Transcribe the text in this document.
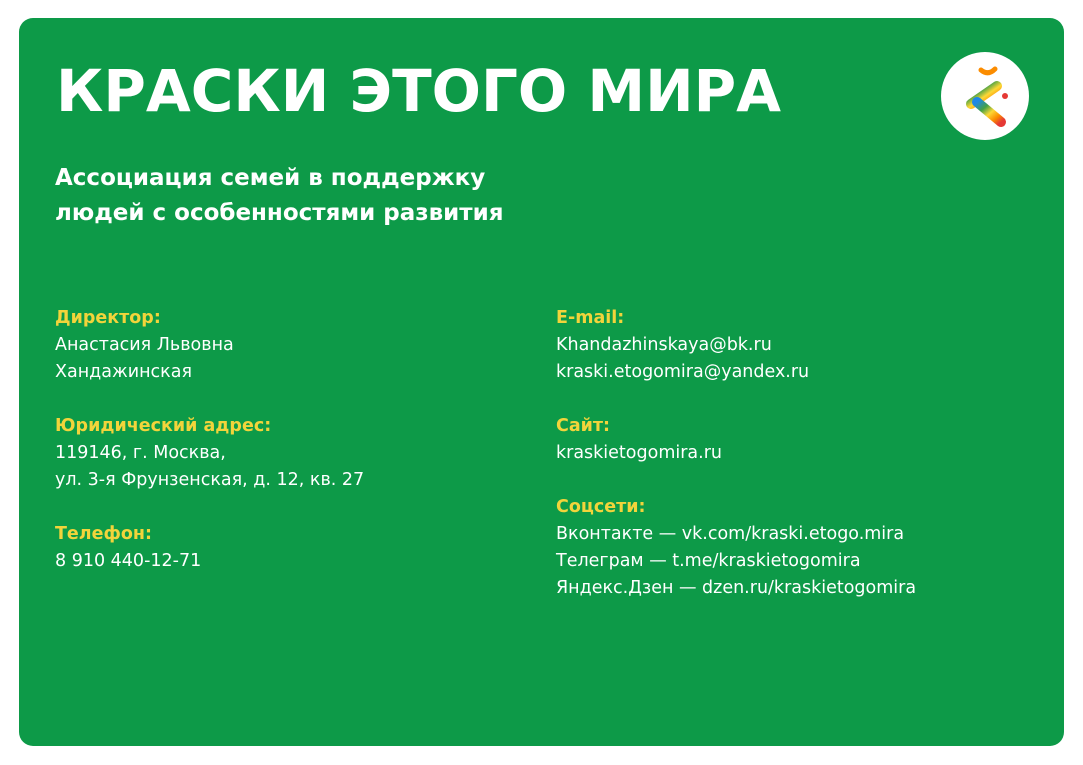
КРАСКИ ЭТОГО МИРА
Ассоциация семей в поддержку
людей с особенностями развития
Директор:
Анастасия Львовна
Хандажинская
Юридический адрес:
119146, г. Москва,
ул. 3-я Фрунзенская, д. 12, кв. 27
Телефон:
8 910 440-12-71
E-mail:
Khandazhinskaya@bk.ru
kraski.etogomira@yandex.ru
Сайт:
kraskietogomira.ru
Соцсети:
Вконтакте — vk.com/kraski.etogo.mira
Телеграм — t.me/kraskietogomira
Яндекс.Дзен — dzen.ru/kraskietogomira
